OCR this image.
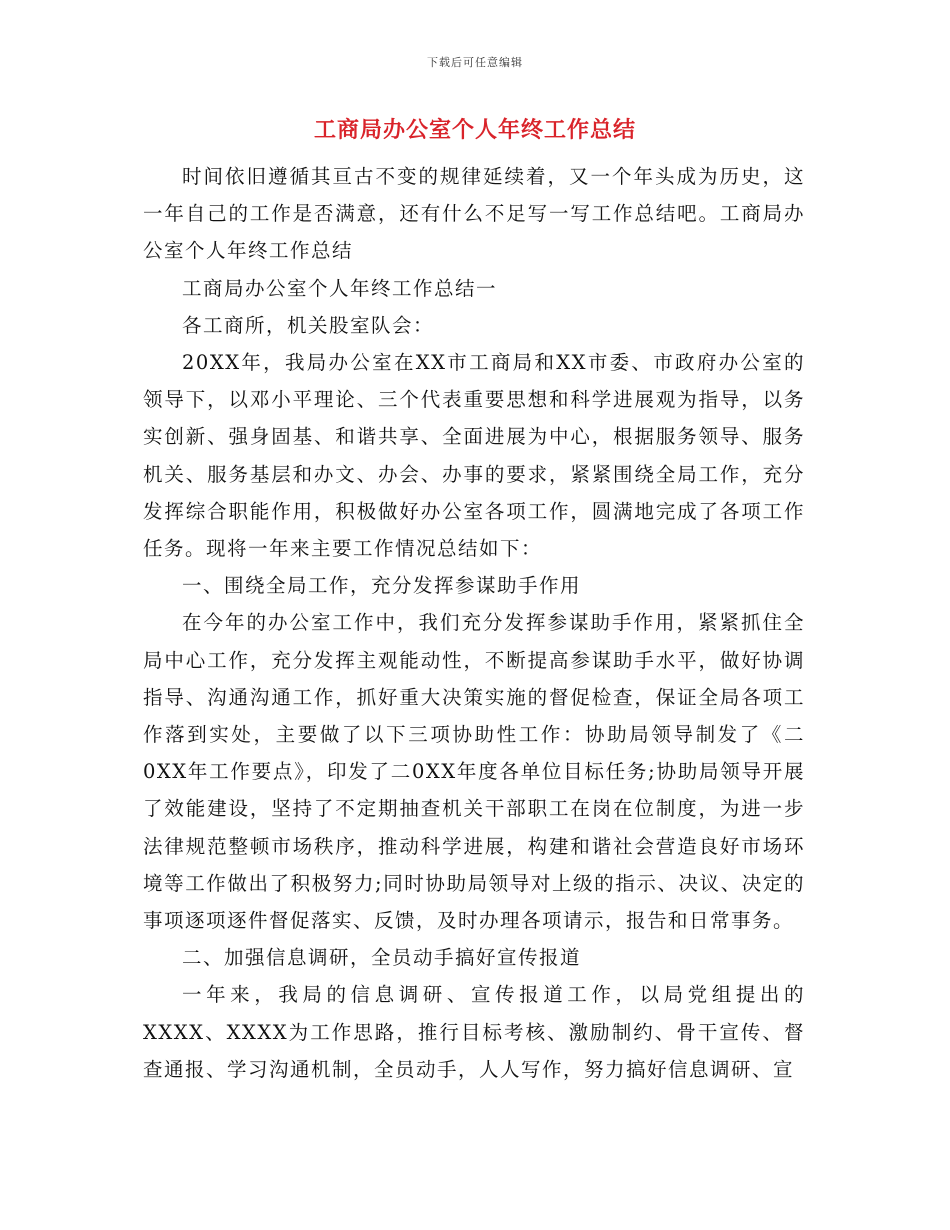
下载后可任意编辑
工商局办公室个人年终工作总结

时间依旧遵循其亘古不变的规律延续着，又一个年头成为历史，这一年自己的工作是否满意，还有什么不足写一写工作总结吧。工商局办公室个人年终工作总结

工商局办公室个人年终工作总结一

各工商所，机关股室队会：

20XX年，我局办公室在XX市工商局和XX市委、市政府办公室的领导下，以邓小平理论、三个代表重要思想和科学进展观为指导，以务实创新、强身固基、和谐共享、全面进展为中心，根据服务领导、服务机关、服务基层和办文、办会、办事的要求，紧紧围绕全局工作，充分发挥综合职能作用，积极做好办公室各项工作，圆满地完成了各项工作任务。现将一年来主要工作情况总结如下：

一、围绕全局工作，充分发挥参谋助手作用

在今年的办公室工作中，我们充分发挥参谋助手作用，紧紧抓住全局中心工作，充分发挥主观能动性，不断提高参谋助手水平，做好协调指导、沟通沟通工作，抓好重大决策实施的督促检查，保证全局各项工作落到实处，主要做了以下三项协助性工作：协助局领导制发了《二0XX年工作要点》，印发了二0XX年度各单位目标任务;协助局领导开展了效能建设，坚持了不定期抽查机关干部职工在岗在位制度，为进一步法律规范整顿市场秩序，推动科学进展，构建和谐社会营造良好市场环境等工作做出了积极努力;同时协助局领导对上级的指示、决议、决定的事项逐项逐件督促落实、反馈，及时办理各项请示，报告和日常事务。

二、加强信息调研，全员动手搞好宣传报道

一年来，我局的信息调研、宣传报道工作，以局党组提出的XXXX、XXXX为工作思路，推行目标考核、激励制约、骨干宣传、督查通报、学习沟通机制，全员动手，人人写作，努力搞好信息调研、宣
